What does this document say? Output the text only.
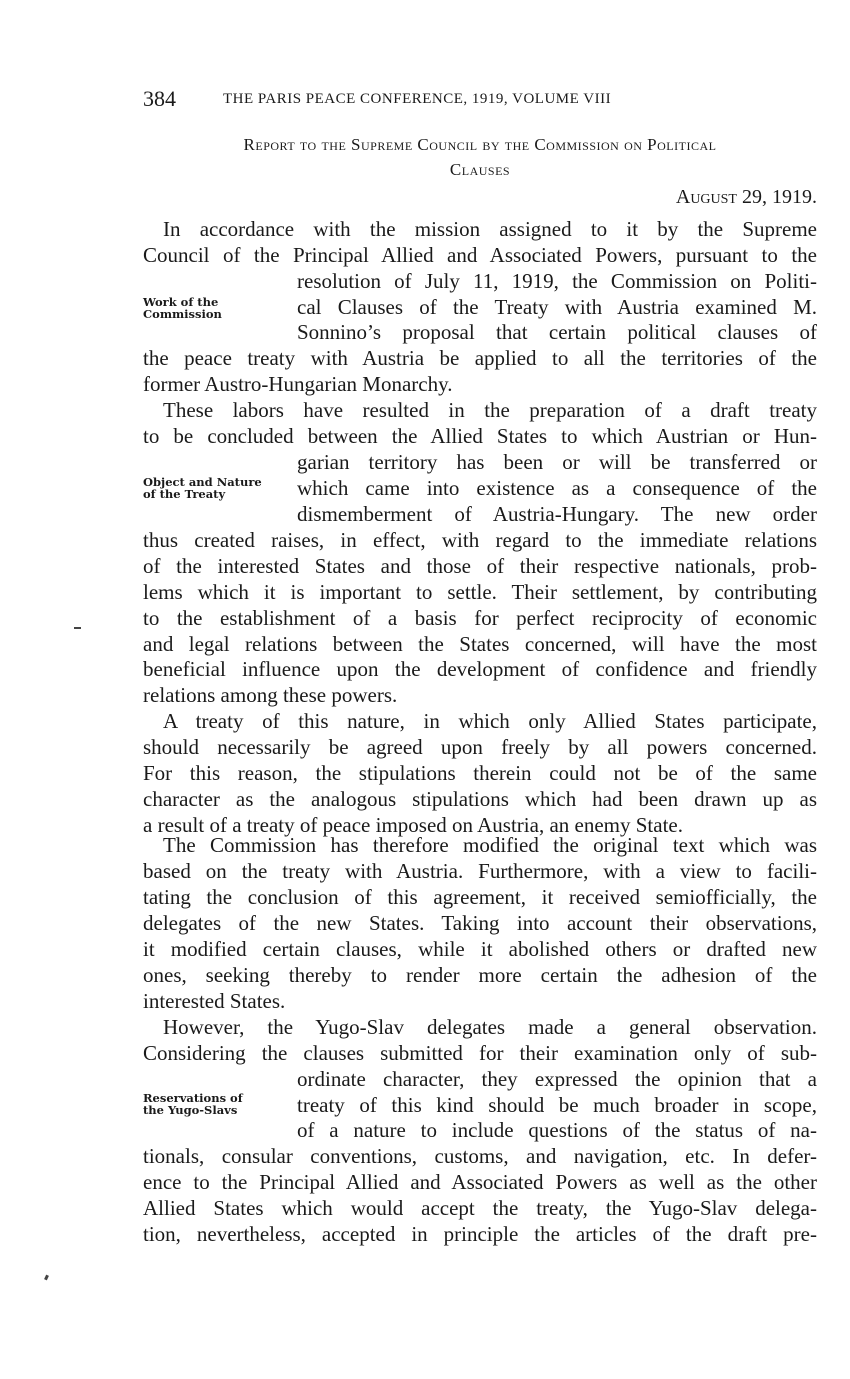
384	THE PARIS PEACE CONFERENCE, 1919, VOLUME VIII
Report to the Supreme Council by the Commission on Political
Clauses
August 29, 1919.
Work of the
Commission
Object and Nature
of the Treaty
Reservations of
the Yugo-Slavs
In accordance with the mission assigned to it by the Supreme
Council of the Principal Allied and Associated Powers, pursuant to the
resolution of July 11, 1919, the Commission on Politi-
cal Clauses of the Treaty with Austria examined M.
Sonnino’s proposal that certain political clauses of
the peace treaty with Austria be applied to all the territories of the
former Austro-Hungarian Monarchy.
These labors have resulted in the preparation of a draft treaty
to be concluded between the Allied States to which Austrian or Hun-
garian territory has been or will be transferred or
which came into existence as a consequence of the
dismemberment of Austria-Hungary. The new order
thus created raises, in effect, with regard to the immediate relations
of the interested States and those of their respective nationals, prob-
lems which it is important to settle. Their settlement, by contributing
to the establishment of a basis for perfect reciprocity of economic
and legal relations between the States concerned, will have the most
beneficial influence upon the development of confidence and friendly
relations among these powers.
A treaty of this nature, in which only Allied States participate,
should necessarily be agreed upon freely by all powers concerned.
For this reason, the stipulations therein could not be of the same
character as the analogous stipulations which had been drawn up as
a result of a treaty of peace imposed on Austria, an enemy State.
The Commission has therefore modified the original text which was
based on the treaty with Austria. Furthermore, with a view to facili-
tating the conclusion of this agreement, it received semiofficially, the
delegates of the new States. Taking into account their observations,
it modified certain clauses, while it abolished others or drafted new
ones, seeking thereby to render more certain the adhesion of the
interested States.
However, the Yugo-Slav delegates made a general observation.
Considering the clauses submitted for their examination only of sub-
ordinate character, they expressed the opinion that a
treaty of this kind should be much broader in scope,
of a nature to include questions of the status of na-
tionals, consular conventions, customs, and navigation, etc. In defer-
ence to the Principal Allied and Associated Powers as well as the other
Allied States which would accept the treaty, the Yugo-Slav delega-
tion, nevertheless, accepted in principle the articles of the draft pre-
